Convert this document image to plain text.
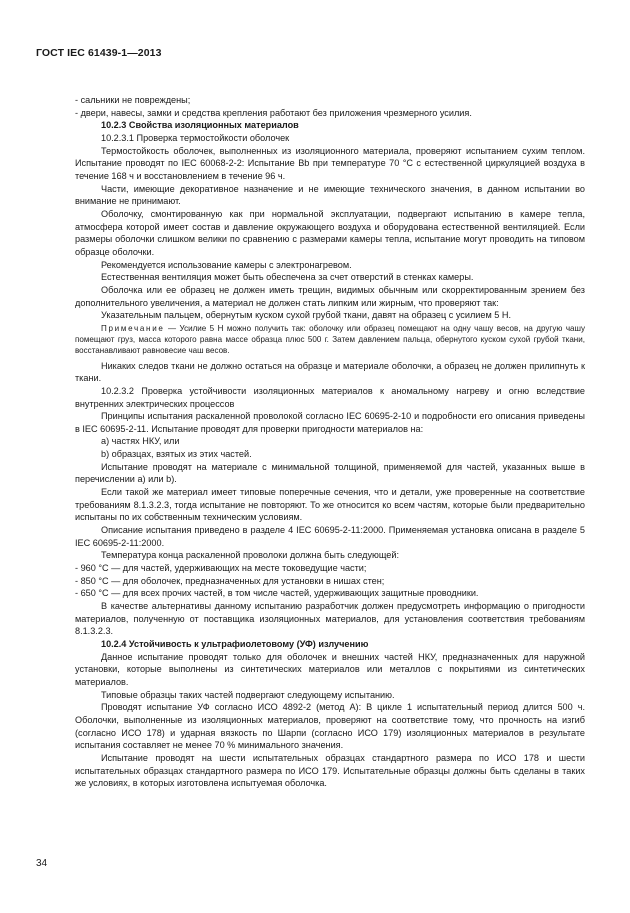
ГОСТ IEC 61439-1—2013

- сальники не повреждены;

- двери, навесы, замки и средства крепления работают без приложения чрезмерного усилия.

10.2.3 Свойства изоляционных материалов

10.2.3.1 Проверка термостойкости оболочек

Термостойкость оболочек, выполненных из изоляционного материала, проверяют испытанием сухим теплом. Испытание проводят по IEC 60068-2-2: Испытание Bb при температуре 70 °С с естественной циркуляцией воздуха в течение 168 ч и восстановлением в течение 96 ч.

Части, имеющие декоративное назначение и не имеющие технического значения, в данном испытании во внимание не принимают.

Оболочку, смонтированную как при нормальной эксплуатации, подвергают испытанию в камере тепла, атмосфера которой имеет состав и давление окружающего воздуха и оборудована естественной вентиляцией. Если размеры оболочки слишком велики по сравнению с размерами камеры тепла, испытание могут проводить на типовом образце оболочки.

Рекомендуется использование камеры с электронагревом.

Естественная вентиляция может быть обеспечена за счет отверстий в стенках камеры.

Оболочка или ее образец не должен иметь трещин, видимых обычным или скорректированным зрением без дополнительного увеличения, а материал не должен стать липким или жирным, что проверяют так:

Указательным пальцем, обернутым куском сухой грубой ткани, давят на образец с усилием 5 Н.

Примечание — Усилие 5 Н можно получить так: оболочку или образец помещают на одну чашу весов, на другую чашу помещают груз, масса которого равна массе образца плюс 500 г. Затем давлением пальца, обернутого куском сухой грубой ткани, восстанавливают равновесие чаш весов.

Никаких следов ткани не должно остаться на образце и материале оболочки, а образец не должен прилипнуть к ткани.

10.2.3.2 Проверка устойчивости изоляционных материалов к аномальному нагреву и огню вследствие внутренних электрических процессов

Принципы испытания раскаленной проволокой согласно IEC 60695-2-10 и подробности его описания приведены в IEC 60695-2-11. Испытание проводят для проверки пригодности материалов на:

a) частях НКУ, или

b) образцах, взятых из этих частей.

Испытание проводят на материале с минимальной толщиной, применяемой для частей, указанных выше в перечислении а) или b).

Если такой же материал имеет типовые поперечные сечения, что и детали, уже проверенные на соответствие требованиям 8.1.3.2.3, тогда испытание не повторяют. То же относится ко всем частям, которые были предварительно испытаны по их собственным техническим условиям.

Описание испытания приведено в разделе 4 IEC 60695-2-11:2000. Применяемая установка описана в разделе 5 IEC 60695-2-11:2000.

Температура конца раскаленной проволоки должна быть следующей:

- 960 °С — для частей, удерживающих на месте токоведущие части;

- 850 °С — для оболочек, предназначенных для установки в нишах стен;

- 650 °С — для всех прочих частей, в том числе частей, удерживающих защитные проводники.

В качестве альтернативы данному испытанию разработчик должен предусмотреть информацию о пригодности материалов, полученную от поставщика изоляционных материалов, для установления соответствия требованиям 8.1.3.2.3.

10.2.4 Устойчивость к ультрафиолетовому (УФ) излучению

Данное испытание проводят только для оболочек и внешних частей НКУ, предназначенных для наружной установки, которые выполнены из синтетических материалов или металлов с покрытиями из синтетических материалов.

Типовые образцы таких частей подвергают следующему испытанию.

Проводят испытание УФ согласно ИСО 4892-2 (метод А): В цикле 1 испытательный период длится 500 ч. Оболочки, выполненные из изоляционных материалов, проверяют на соответствие тому, что прочность на изгиб (согласно ИСО 178) и ударная вязкость по Шарпи (согласно ИСО 179) изоляционных материалов в результате испытания составляет не менее 70 % минимального значения.

Испытание проводят на шести испытательных образцах стандартного размера по ИСО 178 и шести испытательных образцах стандартного размера по ИСО 179. Испытательные образцы должны быть сделаны в таких же условиях, в которых изготовлена испытуемая оболочка.

34
